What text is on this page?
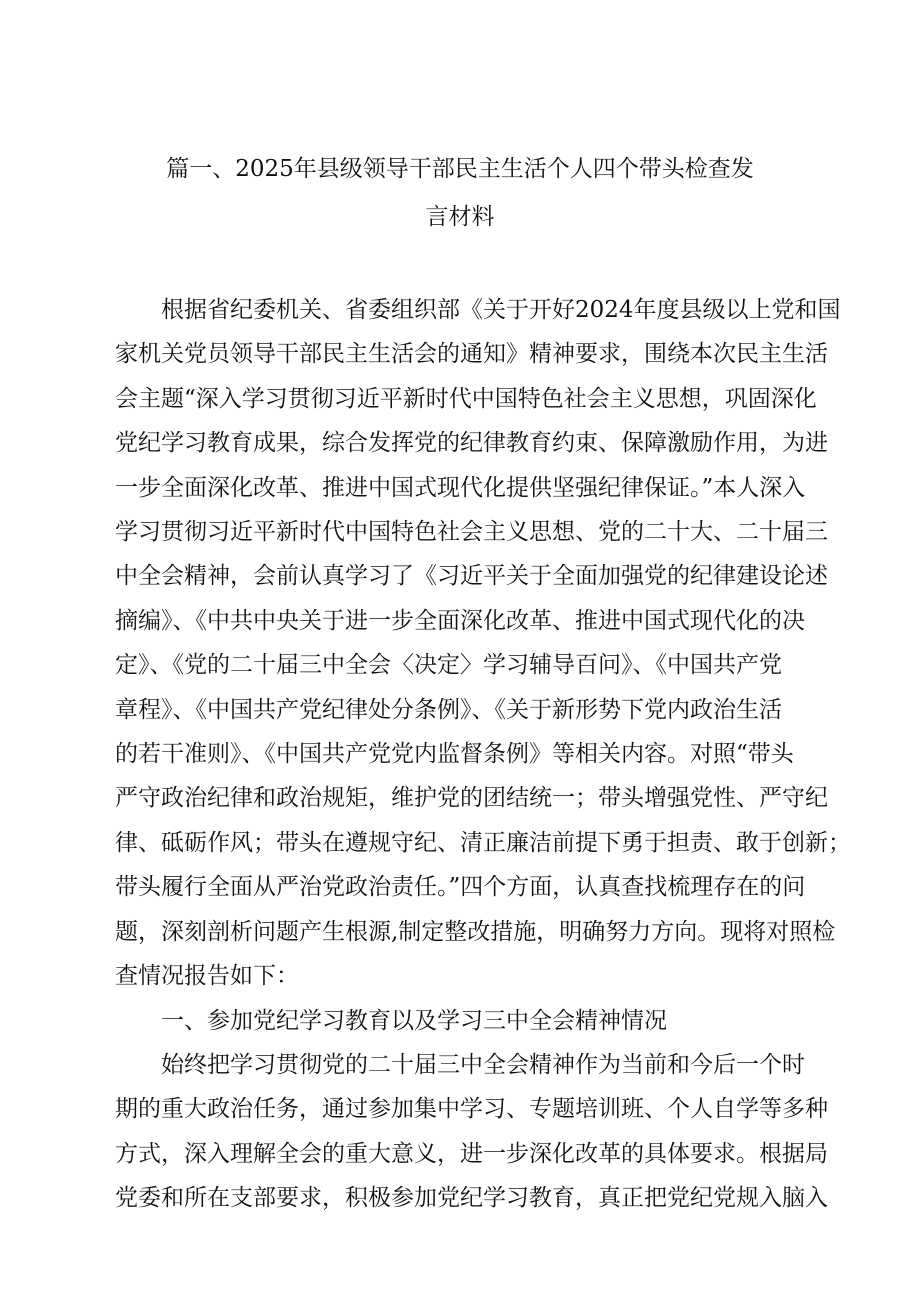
篇一、2025年县级领导干部民主生活个人四个带头检查发
言材料
根据省纪委机关、省委组织部《关于开好2024年度县级以上党和国
家机关党员领导干部民主生活会的通知》精神要求，围绕本次民主生活
会主题“深入学习贯彻习近平新时代中国特色社会主义思想，巩固深化
党纪学习教育成果，综合发挥党的纪律教育约束、保障激励作用，为进
一步全面深化改革、推进中国式现代化提供坚强纪律保证。”本人深入
学习贯彻习近平新时代中国特色社会主义思想、党的二十大、二十届三
中全会精神，会前认真学习了《习近平关于全面加强党的纪律建设论述
摘编》、《中共中央关于进一步全面深化改革、推进中国式现代化的决
定》、《党的二十届三中全会〈决定〉学习辅导百问》、《中国共产党
章程》、《中国共产党纪律处分条例》、《关于新形势下党内政治生活
的若干准则》、《中国共产党党内监督条例》等相关内容。对照“带头
严守政治纪律和政治规矩，维护党的团结统一；带头增强党性、严守纪
律、砥砺作风；带头在遵规守纪、清正廉洁前提下勇于担责、敢于创新；
带头履行全面从严治党政治责任。”四个方面，认真查找梳理存在的问
题，深刻剖析问题产生根源,制定整改措施，明确努力方向。现将对照检
查情况报告如下：
一、参加党纪学习教育以及学习三中全会精神情况
始终把学习贯彻党的二十届三中全会精神作为当前和今后一个时
期的重大政治任务，通过参加集中学习、专题培训班、个人自学等多种
方式，深入理解全会的重大意义，进一步深化改革的具体要求。根据局
党委和所在支部要求，积极参加党纪学习教育，真正把党纪党规入脑入
